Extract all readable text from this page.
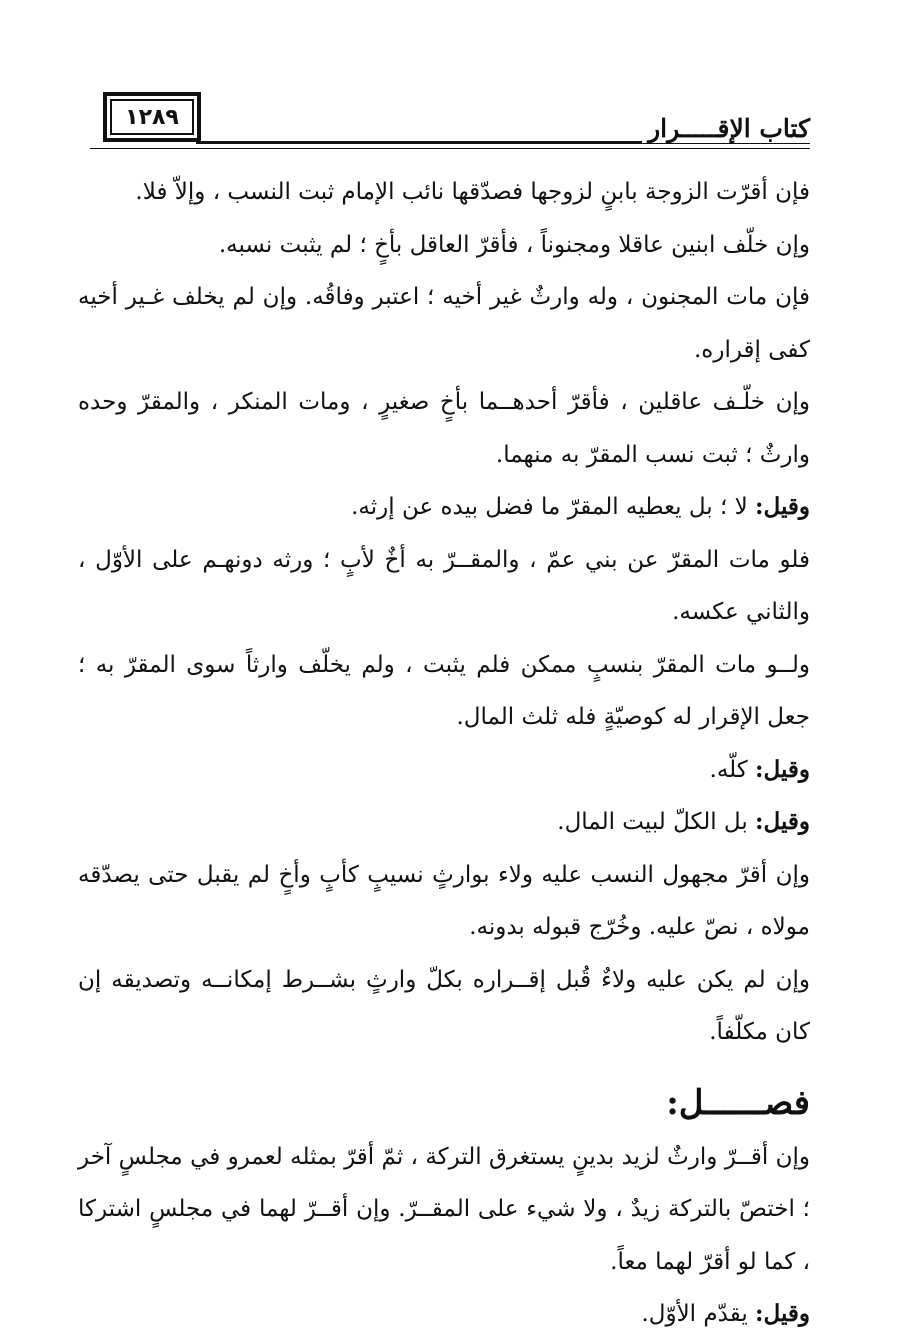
١٢٨٩	كتاب الإقـــــرار

فإن أقرّت الزوجة بابنٍ لزوجها فصدّقها نائب الإمام ثبت النسب ، وإلاّ فلا.

وإن خلّف ابنين عاقلا ومجنوناً ، فأقرّ العاقل بأخٍ ؛ لم يثبت نسبه.

فإن مات المجنون ، وله وارثٌ غير أخيه ؛ اعتبر وفاقُه. وإن لم يخلف غـير أخيه كفى إقراره.

وإن خلّـف عاقلين ، فأقرّ أحدهــما بأخٍ صغيرٍ ، ومات المنكر ، والمقرّ وحده وارثٌ ؛ ثبت نسب المقرّ به منهما.

وقيل: لا ؛ بل يعطيه المقرّ ما فضل بيده عن إرثه.

فلو مات المقرّ عن بني عمّ ، والمقــرّ به أخٌ لأبٍ ؛ ورثه دونهـم على الأوّل ، والثاني عكسه.

ولــو مات المقرّ بنسبٍ ممكن فلم يثبت ، ولم يخلّف وارثاً سوى المقرّ به ؛ جعل الإقرار له كوصيّةٍ فله ثلث المال.

وقيل: كلّه.

وقيل: بل الكلّ لبيت المال.

وإن أقرّ مجهول النسب عليه ولاء بوارثٍ نسيبٍ كأبٍ وأخٍ لم يقبل حتى يصدّقه مولاه ، نصّ عليه. وخُرّج قبوله بدونه.

وإن لم يكن عليه ولاءٌ قُبل إقــراره بكلّ وارثٍ بشــرط إمكانــه وتصديقه إن كان مكلّفاً.

فصــــــل:

وإن أقــرّ وارثٌ لزيد بدينٍ يستغرق التركة ، ثمّ أقرّ بمثله لعمرو في مجلسٍ آخر ؛ اختصّ بالتركة زيدٌ ، ولا شيء على المقــرّ. وإن أقــرّ لهما في مجلسٍ اشتركا ، كما لو أقرّ لهما معاً.

وقيل: يقدّم الأوّل.
